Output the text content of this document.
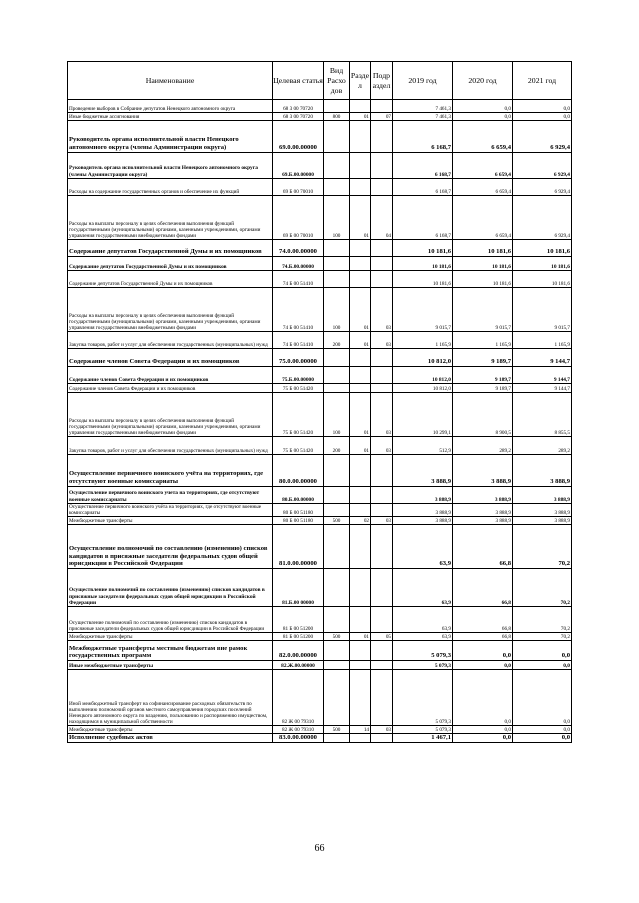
Наименование	Целевая статья	Вид Расхо дов	Разде л	Подр аздел	2019 год	2020 год	2021 год
Проведение выборов в Собрание депутатов Ненецкого автономного округа	68 3 00 70720				7 461,3	0,0	0,0
Иные бюджетные ассигнования	68 3 00 70720	800	01	07	7 461,3	0,0	0,0
Руководитель органа исполнительной власти Ненецкого автономного округа (члены Администрации округа)	69.0.00.00000				6 168,7	6 659,4	6 929,4
Руководитель органа исполнительной власти Ненецкого автономного округа (члены Администрации округа)	69.Б.00.00000				6 168,7	6 659,4	6 929,4
Расходы на содержание государственных органов и обеспечение их функций	69 Б 00 70010				6 168,7	6 659,4	6 929,4
Расходы на выплаты персоналу в целях обеспечения выполнения функций государственными (муниципальными) органами, казенными учреждениями, органами управления государственными внебюджетными фондами	69 Б 00 70010	100	01	04	6 168,7	6 659,4	6 929,4
Содержание депутатов Государственной Думы и их помощников	74.0.00.00000				10 181,6	10 181,6	10 181,6
Содержание депутатов Государственной Думы и их помощников	74.Б.00.00000				10 181,6	10 181,6	10 181,6
Содержание депутатов Государственной Думы и их помощников	74 Б 00 51410				10 181,6	10 181,6	10 181,6
Расходы на выплаты персоналу в целях обеспечения выполнения функций государственными (муниципальными) органами, казенными учреждениями, органами управления государственными внебюджетными фондами	74 Б 00 51410	100	01	03	9 015,7	9 015,7	9 015,7
Закупка товаров, работ и услуг для обеспечения государственных (муниципальных) нужд	74 Б 00 51410	200	01	03	1 165,9	1 165,9	1 165,9
Содержание членов Совета Федерации и их помощников	75.0.00.00000				10 812,0	9 189,7	9 144,7
Содержание членов Совета Федерации и их помощников	75.Б.00.00000				10 812,0	9 189,7	9 144,7
Содержание членов Совета Федерации и их помощников	75 Б 00 51420				10 812,0	9 189,7	9 144,7
Расходы на выплаты персоналу в целях обеспечения выполнения функций государственными (муниципальными) органами, казенными учреждениями, органами управления государственными внебюджетными фондами	75 Б 00 51420	100	01	03	10 299,1	8 900,5	8 855,5
Закупка товаров, работ и услуг для обеспечения государственных (муниципальных) нужд	75 Б 00 51420	200	01	03	512,9	289,2	289,2
Осуществление первичного воинского учёта на территориях, где отсутствуют военные комиссариаты	80.0.00.00000				3 888,9	3 888,9	3 888,9
Осуществление первичного воинского учета на территориях, где отсутствуют военные комиссариаты	80.Б.00.00000				3 888,9	3 888,9	3 888,9
Осуществление первичного воинского учёта на территориях, где отсутствуют военные комиссариаты	80 Б 00 51180				3 888,9	3 888,9	3 888,9
Межбюджетные трансферты	80 Б 00 51180	500	02	03	3 888,9	3 888,9	3 888,9
Осуществление полномочий по составлению (изменению) списков кандидатов в присяжные заседатели федеральных судов общей юрисдикции в Российской Федерации	81.0.00.00000				63,9	66,8	70,2
Осуществление полномочий по составлению (изменению) списков кандидатов в присяжные заседатели федеральных судов общей юрисдикции в Российской Федерации	81.Б.00 00000				63,9	66,8	70,2
Осуществление полномочий по составлению (изменению) списков кандидатов в присяжные заседатели федеральных судов общей юрисдикции в Российской Федерации	81 Б 00 51200				63,9	66,8	70,2
Межбюджетные трансферты	81 Б 00 51200	500	01	05	63,9	66,8	70,2
Межбюджетные трансферты местным бюджетам вне рамок государственных программ	82.0.00.00000				5 079,3	0,0	0,0
Иные межбюджетные трансферты	82.Ж.00.00000				5 079,3	0,0	0,0
Иной межбюджетный трансферт на софинансирование расходных обязательств по выполнению полномочий органов местного самоуправления городских поселений Ненецкого автономного округа по владению, пользованию и распоряжению имуществом, находящимся в муниципальной собственности	82 Ж 00 79310				5 079,3	0,0	0,0
Межбюджетные трансферты	82 Ж 00 79310	500	14	03	5 079,3	0,0	0,0
Исполнение судебных актов	83.0.00.00000				1 467,1	0,0	0,0
66
